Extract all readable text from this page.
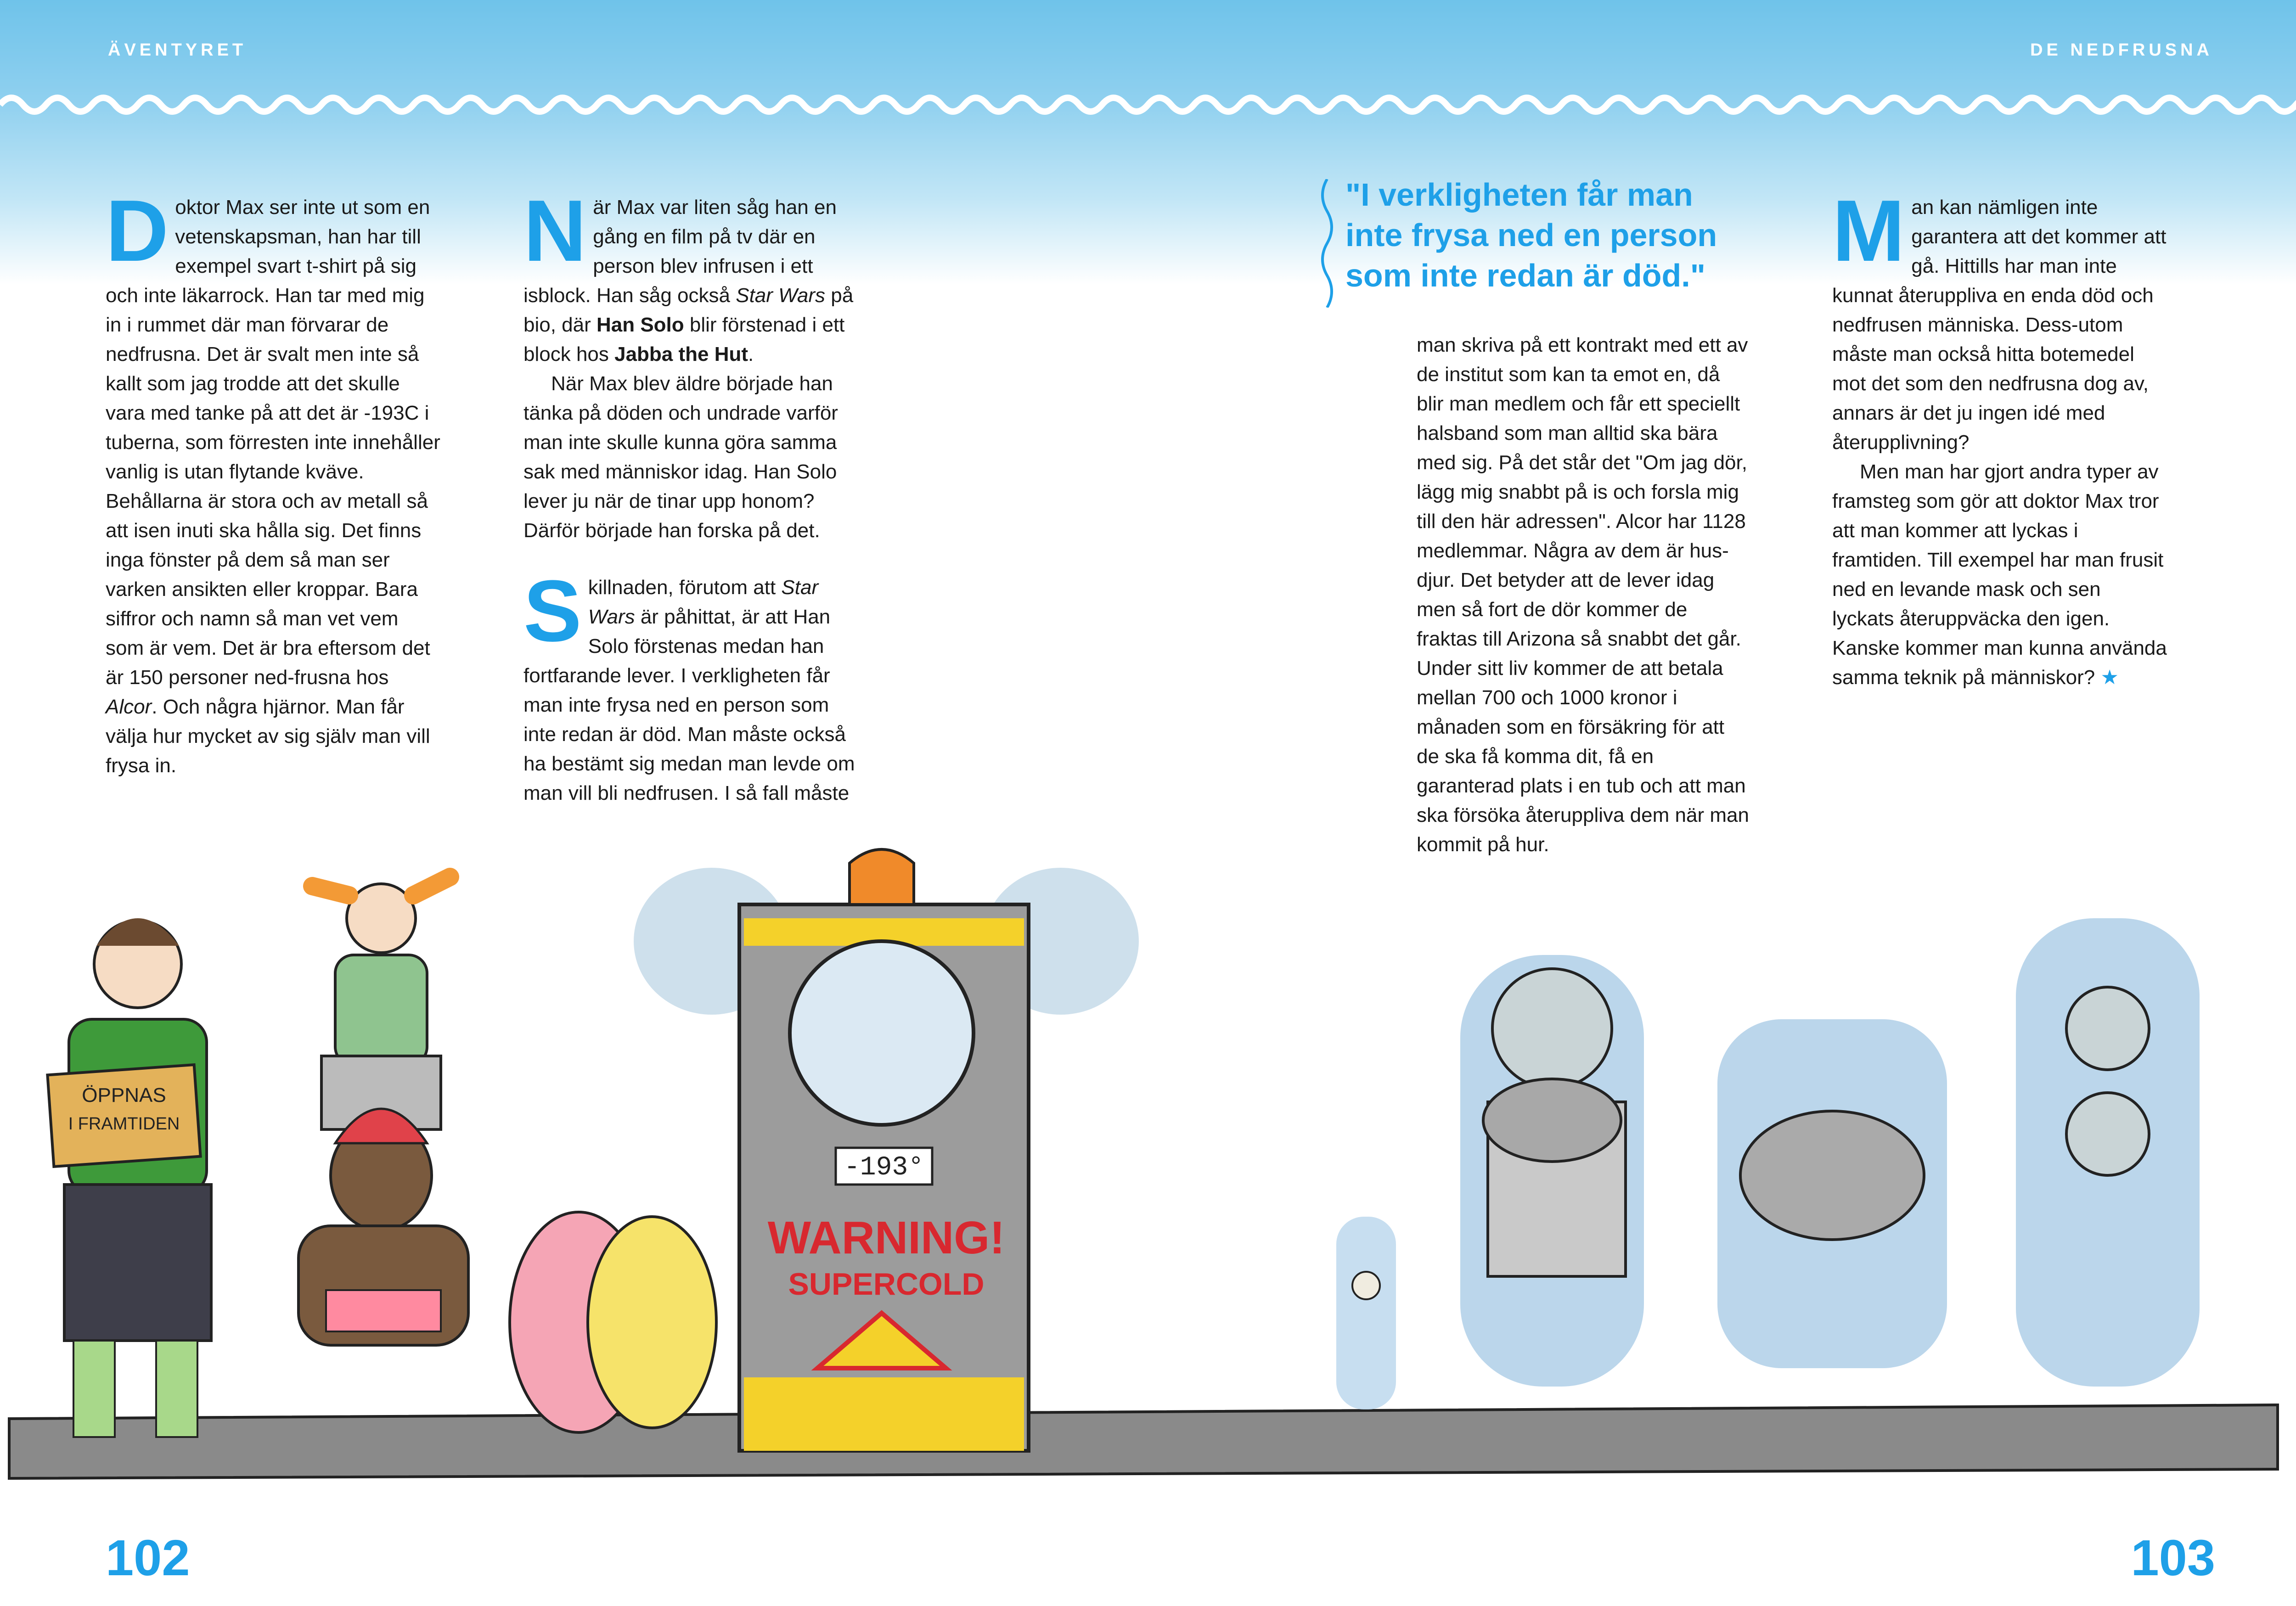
ÄVENTYRET	DE NEDFRUSNA

Doktor Max ser inte ut som en vetenskapsman, han har till exempel svart t-shirt på sig och inte läkarrock. Han tar med mig in i rummet där man förvarar de nedfrusna. Det är svalt men inte så kallt som jag trodde att det skulle vara med tanke på att det är -193C i tuberna, som förresten inte innehåller vanlig is utan flytande kväve. Behållarna är stora och av metall så att isen inuti ska hålla sig. Det finns inga fönster på dem så man ser varken ansikten eller kroppar. Bara siffror och namn så man vet vem som är vem. Det är bra eftersom det är 150 personer ned-frusna hos Alcor. Och några hjärnor. Man får välja hur mycket av sig själv man vill frysa in.

När Max var liten såg han en gång en film på tv där en person blev infrusen i ett isblock. Han såg också Star Wars på bio, där Han Solo blir förstenad i ett block hos Jabba the Hut.

När Max blev äldre började han tänka på döden och undrade varför man inte skulle kunna göra samma sak med människor idag. Han Solo lever ju när de tinar upp honom? Därför började han forska på det.

Skillnaden, förutom att Star Wars är påhittat, är att Han Solo förstenas medan han fortfarande lever. I verkligheten får man inte frysa ned en person som inte redan är död. Man måste också ha bestämt sig medan man levde om man vill bli nedfrusen. I så fall måste

"I verkligheten får man inte frysa ned en person som inte redan är död."

man skriva på ett kontrakt med ett av de institut som kan ta emot en, då blir man medlem och får ett speciellt halsband som man alltid ska bära med sig. På det står det "Om jag dör, lägg mig snabbt på is och forsla mig till den här adressen". Alcor har 1128 medlemmar. Några av dem är hus-djur. Det betyder att de lever idag men så fort de dör kommer de fraktas till Arizona så snabbt det går. Under sitt liv kommer de att betala mellan 700 och 1000 kronor i månaden som en försäkring för att de ska få komma dit, få en garanterad plats i en tub och att man ska försöka återuppliva dem när man kommit på hur.

Man kan nämligen inte garantera att det kommer att gå. Hittills har man inte kunnat återuppliva en enda död och nedfrusen människa. Dess-utom måste man också hitta botemedel mot det som den nedfrusna dog av, annars är det ju ingen idé med återupplivning?

Men man har gjort andra typer av framsteg som gör att doktor Max tror att man kommer att lyckas i framtiden. Till exempel har man frusit ned en levande mask och sen lyckats återuppväcka den igen. Kanske kommer man kunna använda samma teknik på människor? ★

ÖPPNAS
I FRAMTIDEN
-193°
WARNING!
SUPERCOLD
102	103
